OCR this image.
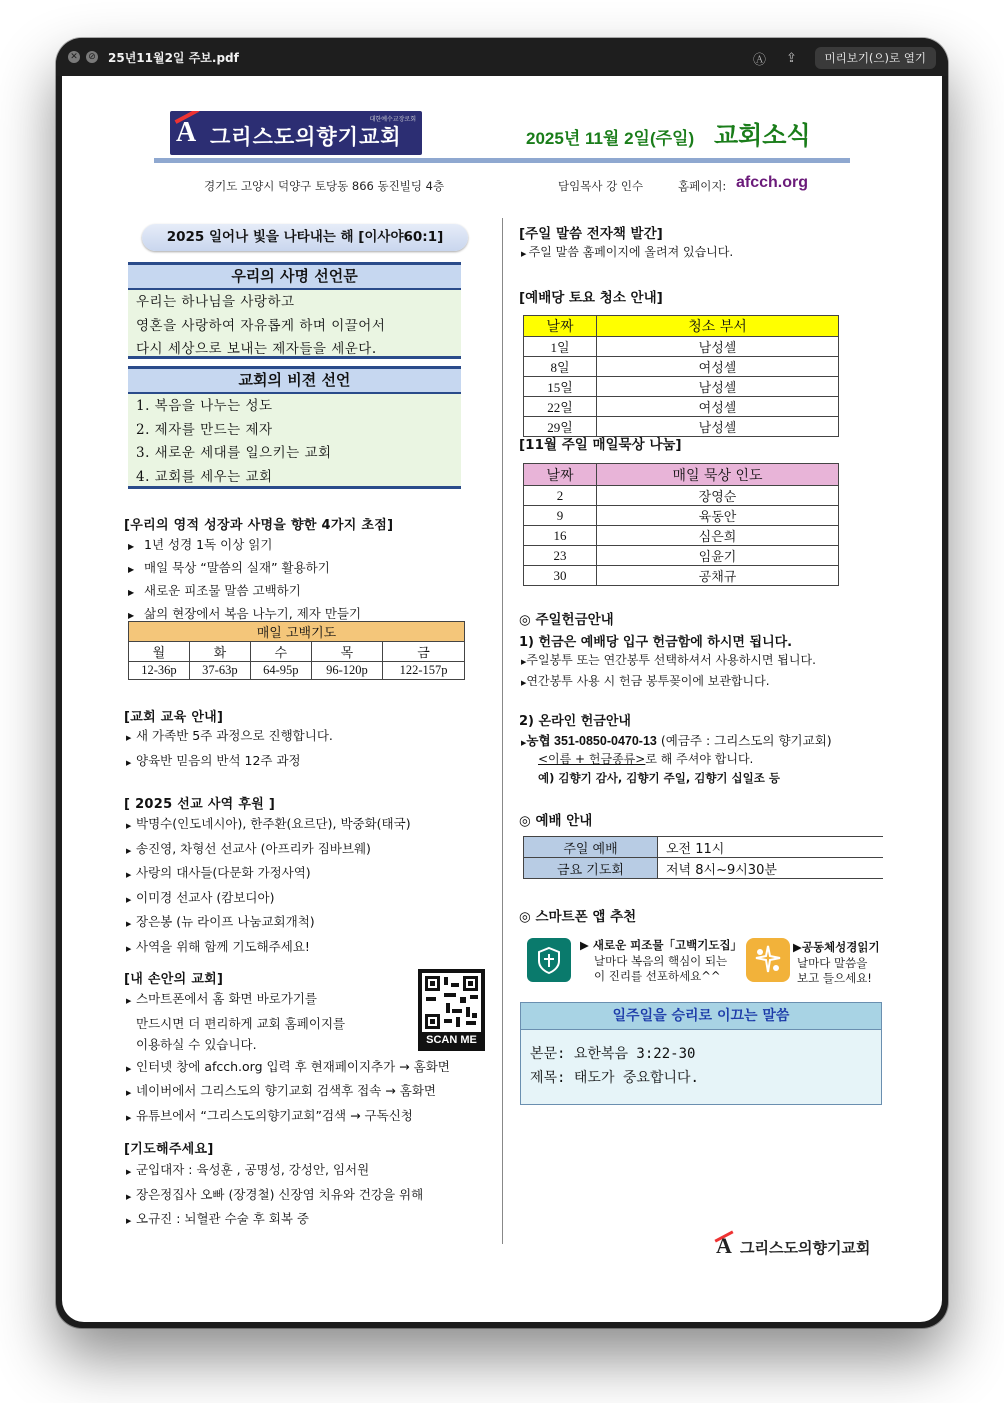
✕ ⊘ 25년11월2일 주보.pdf	Ⓐ ⇪	미리보기(으)로 열기
A 그리스도의향기교회
대한예수교장로회
2025년 11월 2일(주일) 교회소식
경기도 고양시 덕양구 토당동 866 동진빌딩 4층	담임목사 강 인수	홈페이지: afcch.org
2025 일어나 빛을 나타내는 해 [이사야60:1]
우리의 사명 선언문
우리는 하나님을 사랑하고
영혼을 사랑하여 자유롭게 하며 이끌어서
다시 세상으로 보내는 제자들을 세운다.
교회의 비젼 선언
1. 복음을 나누는 성도
2. 제자를 만드는 제자
3. 새로운 세대를 일으키는 교회
4. 교회를 세우는 교회
[우리의 영적 성장과 사명을 향한 4가지 초점]
▶ 1년 성경 1독 이상 읽기
▶ 매일 묵상 “말씀의 실재” 활용하기
▶ 새로운 피조물 말씀 고백하기
▶ 삶의 현장에서 복음 나누기, 제자 만들기
매일 고백기도				
월	화	수	목	금
12-36p	37-63p	64-95p	96-120p	122-157p
[교회 교육 안내]
▶ 새 가족반 5주 과정으로 진행합니다.
▶ 양육반 믿음의 반석 12주 과정
[ 2025 선교 사역 후원 ]
▶ 박명수(인도네시아), 한주환(요르단), 박중화(태국)
▶ 송진영, 차형선 선교사 (아프리카 짐바브웨)
▶ 사랑의 대사들(다문화 가정사역)
▶ 이미경 선교사 (캄보디아)
▶ 장은봉 (뉴 라이프 나눔교회개척)
▶ 사역을 위해 함께 기도해주세요!
[내 손안의 교회]
▶ 스마트폰에서 홈 화면 바로가기를
만드시면 더 편리하게 교회 홈페이지를
이용하실 수 있습니다.
▶ 인터넷 창에 afcch.org 입력 후 현재페이지추가 → 홈화면
▶ 네이버에서 그리스도의 향기교회 검색후 접속 → 홈화면
▶ 유튜브에서 “그리스도의향기교회”검색 → 구독신청
SCAN ME
[기도해주세요]
▶ 군입대자 : 육성훈 , 공명성, 강성안, 임서원
▶ 장은정집사 오빠 (장경철) 신장염 치유와 건강을 위해
▶ 오규진 : 뇌혈관 수술 후 회복 중
[주일 말씀 전자책 발간]
▶ 주일 말씀 홈페이지에 올려져 있습니다.
[예배당 토요 청소 안내]
날짜	청소 부서
1일	남성셀
8일	여성셀
15일	남성셀
22일	여성셀
29일	남성셀
[11월 주일 매일묵상 나눔]
날짜	매일 묵상 인도
2	장영순
9	육동안
16	심은희
23	임윤기
30	공채규
◎ 주일헌금안내
1) 헌금은 예배당 입구 헌금함에 하시면 됩니다.
▶주일봉투 또는 연간봉투 선택하셔서 사용하시면 됩니다.
▶연간봉투 사용 시 헌금 봉투꽂이에 보관합니다.
2) 온라인 헌금안내
▶농협 351-0850-0470-13 (예금주 : 그리스도의 향기교회)
<이름 + 헌금종류>로 해 주셔야 합니다.
예) 김향기 감사, 김향기 주일, 김향기 십일조 등
◎ 예배 안내
주일 예배	오전 11시
금요 기도회	저녁 8시~9시30분
◎ 스마트폰 앱 추천
▶ 새로운 피조물「고백기도집」
날마다 복음의 핵심이 되는
이 진리를 선포하세요^^
▶공동체성경읽기
날마다 말씀을
보고 들으세요!
일주일을 승리로 이끄는 말씀
본문: 요한복음 3:22-30
제목: 태도가 중요합니다.
A 그리스도의향기교회
